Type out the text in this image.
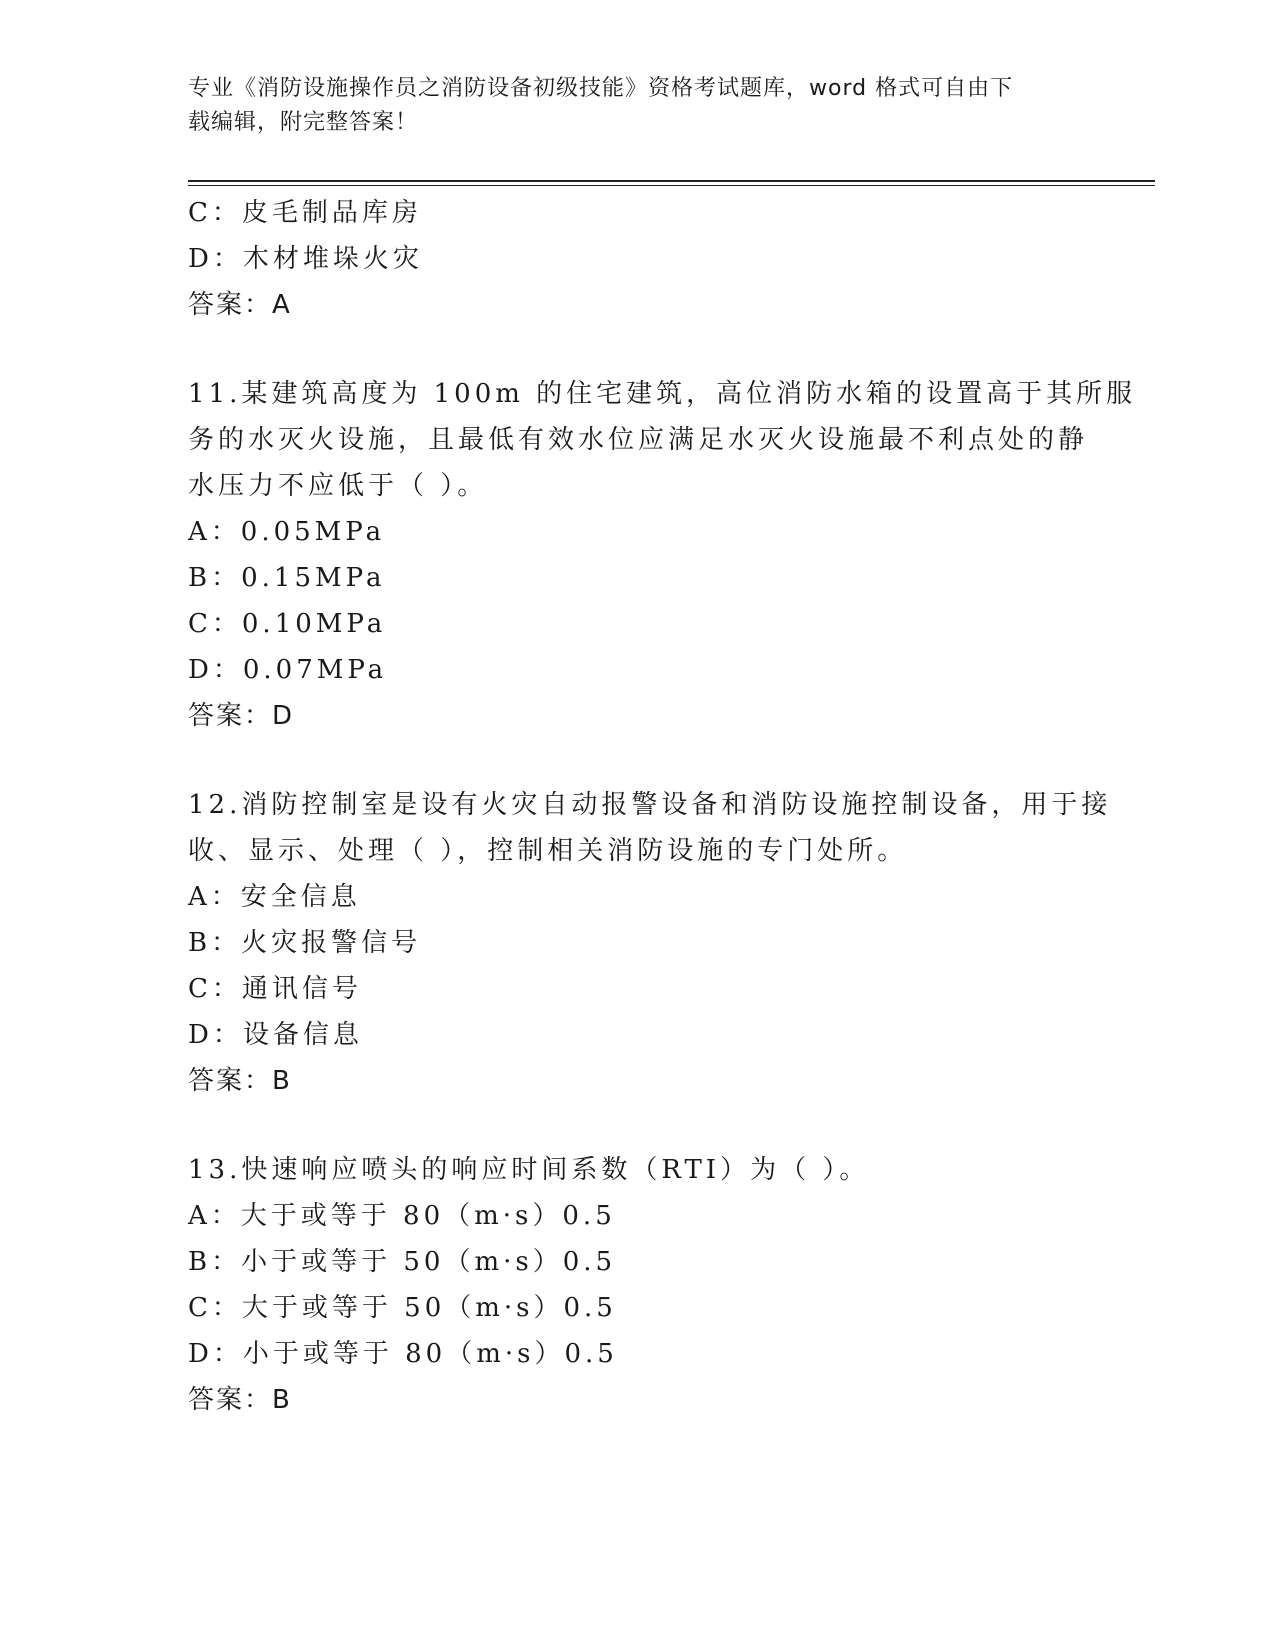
专业《消防设施操作员之消防设备初级技能》资格考试题库，word 格式可自由下
载编辑，附完整答案！
C：皮毛制品库房
D：木材堆垛火灾
答案：A
11.某建筑高度为 100m 的住宅建筑，高位消防水箱的设置高于其所服
务的水灭火设施，且最低有效水位应满足水灭火设施最不利点处的静
水压力不应低于（ ）。
A：0.05MPa
B：0.15MPa
C：0.10MPa
D：0.07MPa
答案：D
12.消防控制室是设有火灾自动报警设备和消防设施控制设备，用于接
收、显示、处理（ ），控制相关消防设施的专门处所。
A：安全信息
B：火灾报警信号
C：通讯信号
D：设备信息
答案：B
13.快速响应喷头的响应时间系数（RTI）为（ ）。
A：大于或等于 80（m·s）0.5
B：小于或等于 50（m·s）0.5
C：大于或等于 50（m·s）0.5
D：小于或等于 80（m·s）0.5
答案：B
